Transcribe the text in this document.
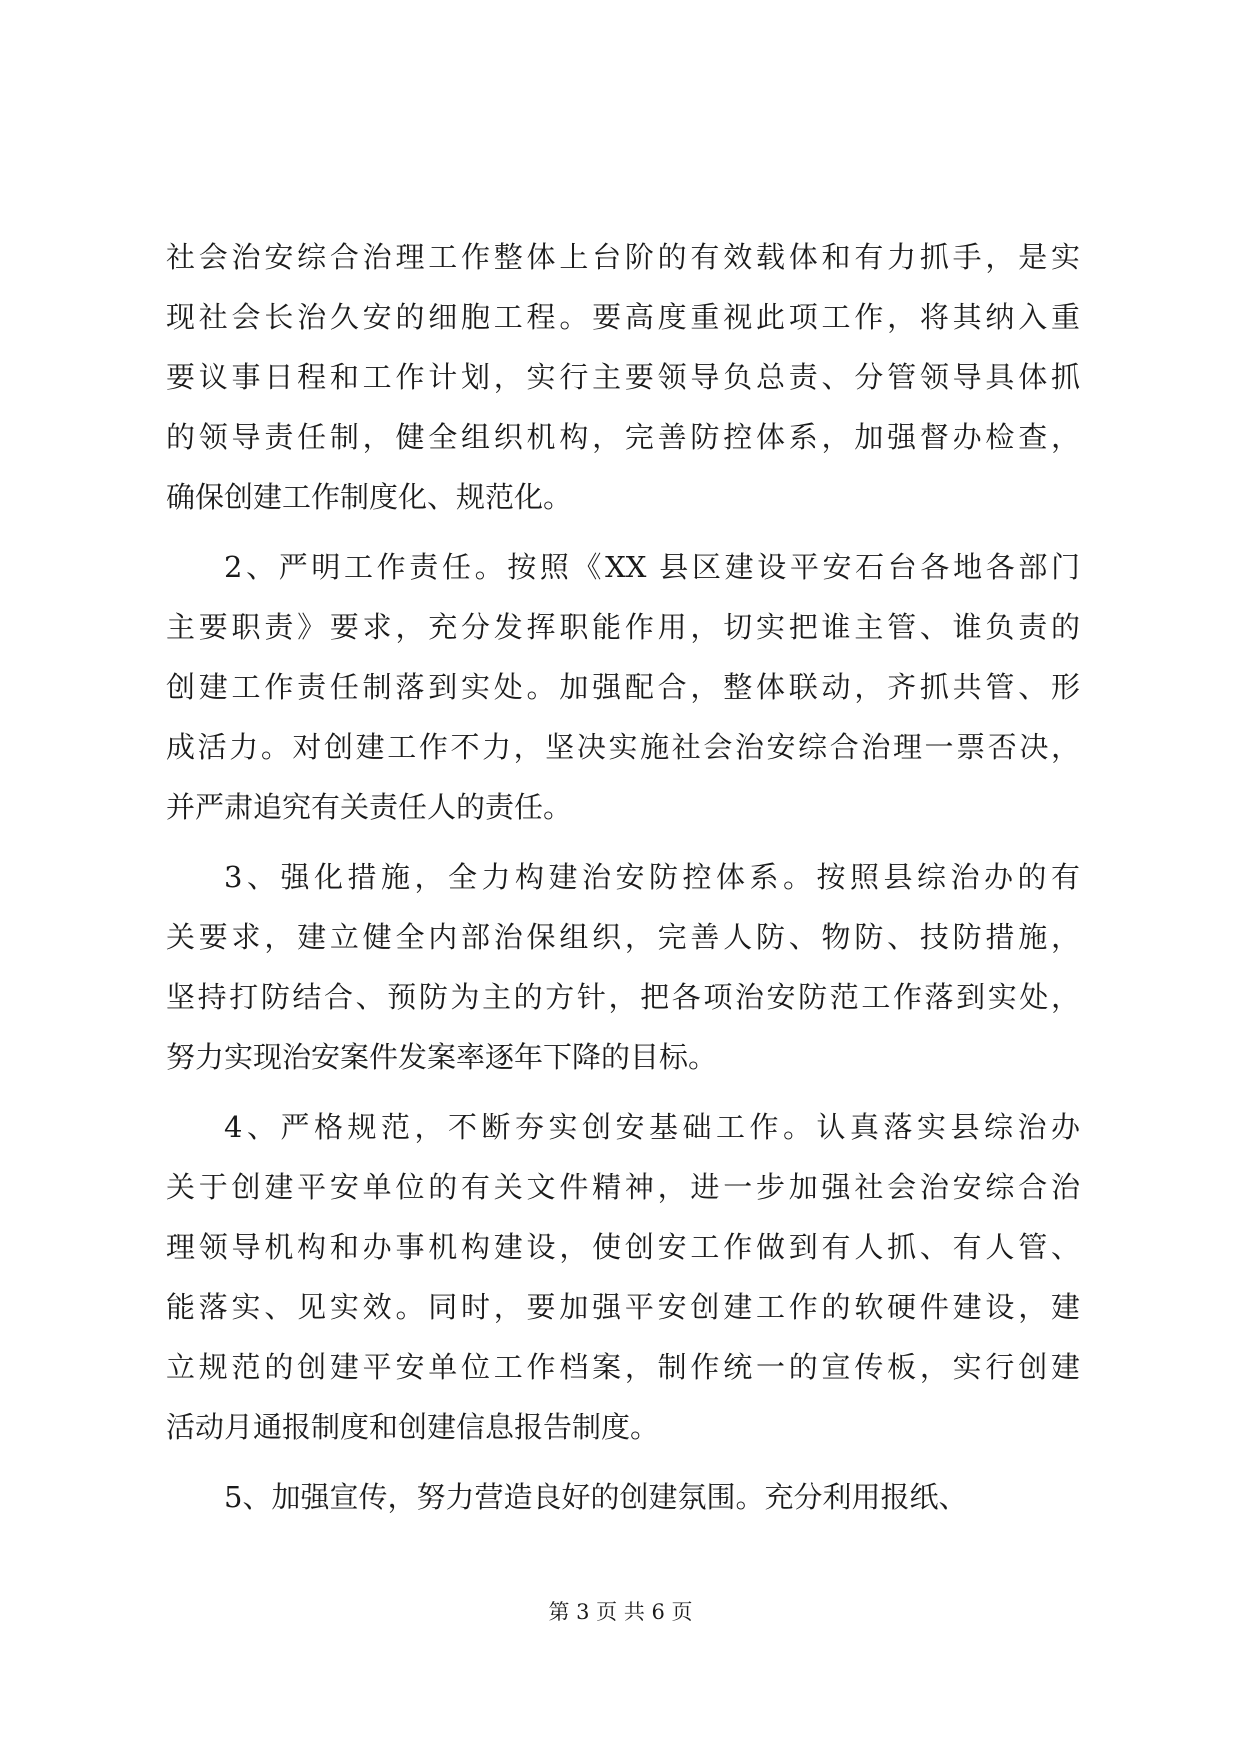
社会治安综合治理工作整体上台阶的有效载体和有力抓手，是实
现社会长治久安的细胞工程。要高度重视此项工作，将其纳入重
要议事日程和工作计划，实行主要领导负总责、分管领导具体抓
的领导责任制，健全组织机构，完善防控体系，加强督办检查，
确保创建工作制度化、规范化。
2、严明工作责任。按照《XX 县区建设平安石台各地各部门
主要职责》要求，充分发挥职能作用，切实把谁主管、谁负责的
创建工作责任制落到实处。加强配合，整体联动，齐抓共管、形
成活力。对创建工作不力，坚决实施社会治安综合治理一票否决，
并严肃追究有关责任人的责任。
3、强化措施，全力构建治安防控体系。按照县综治办的有
关要求，建立健全内部治保组织，完善人防、物防、技防措施，
坚持打防结合、预防为主的方针，把各项治安防范工作落到实处，
努力实现治安案件发案率逐年下降的目标。
4、严格规范，不断夯实创安基础工作。认真落实县综治办
关于创建平安单位的有关文件精神，进一步加强社会治安综合治
理领导机构和办事机构建设，使创安工作做到有人抓、有人管、
能落实、见实效。同时，要加强平安创建工作的软硬件建设，建
立规范的创建平安单位工作档案，制作统一的宣传板，实行创建
活动月通报制度和创建信息报告制度。
5、加强宣传，努力营造良好的创建氛围。充分利用报纸、
第 3 页 共 6 页
